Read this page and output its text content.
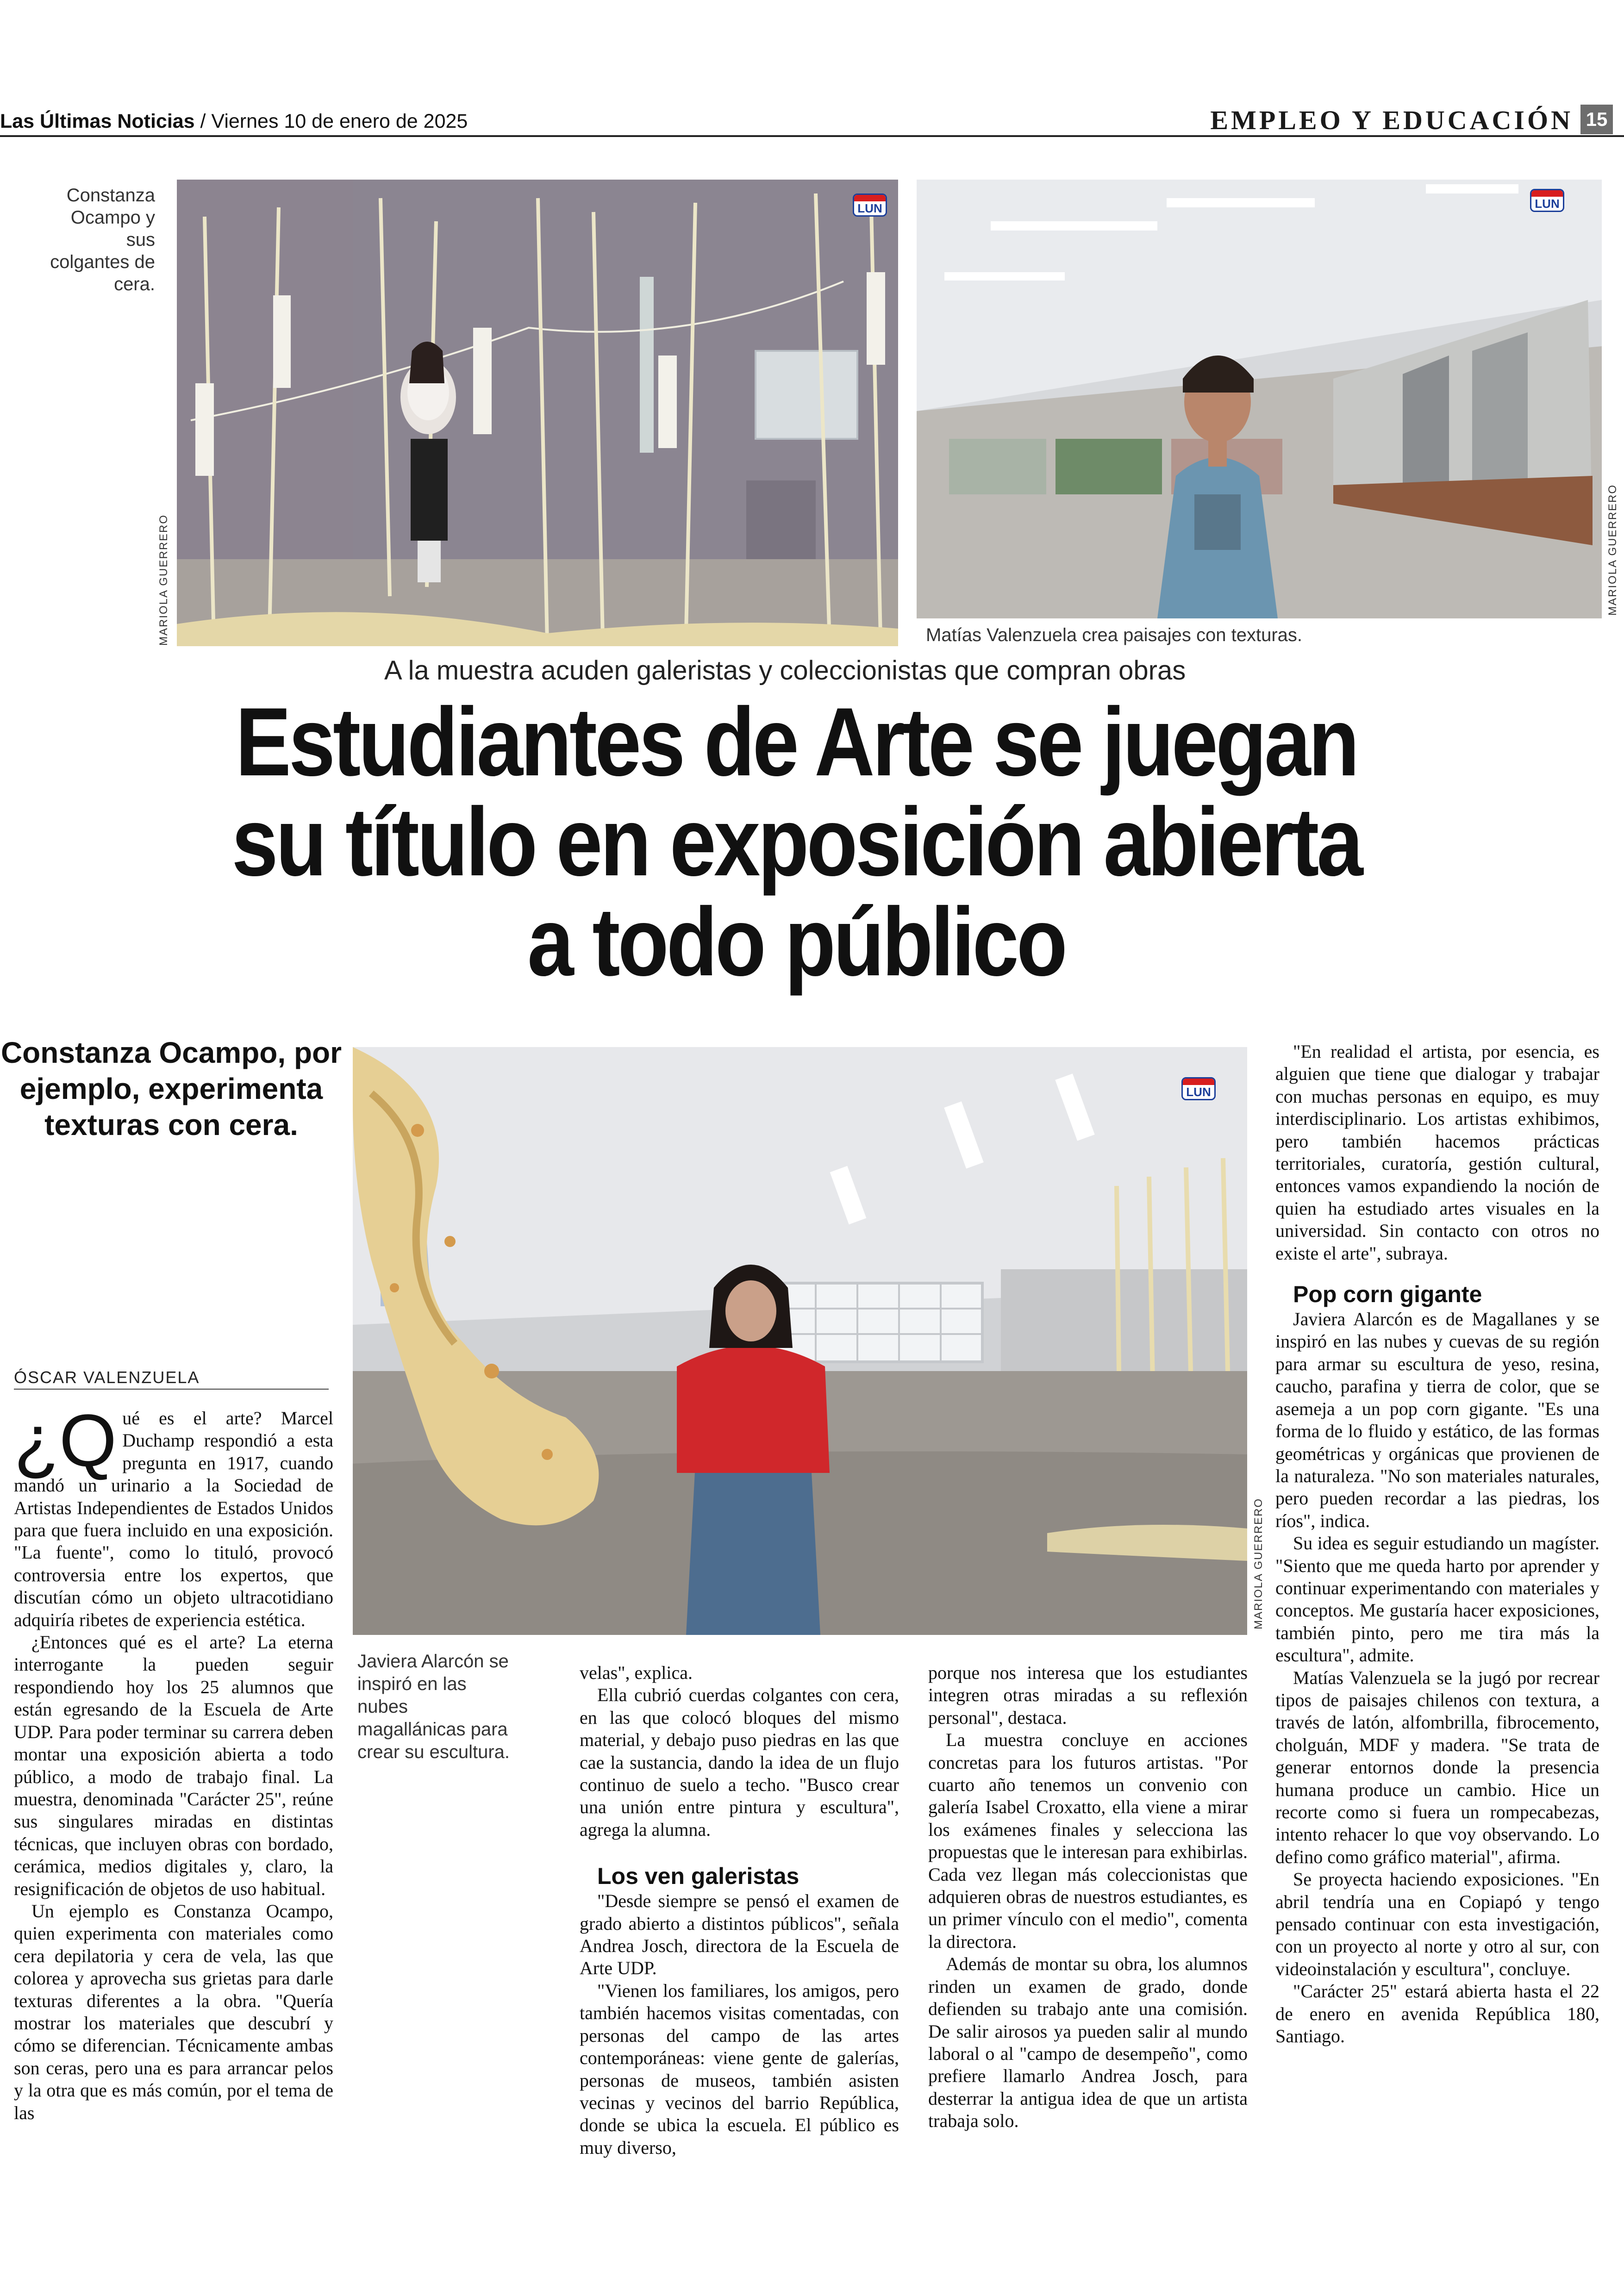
Las Últimas Noticias / Viernes 10 de enero de 2025	EMPLEO Y EDUCACIÓN 15
Constanza Ocampo y sus colgantes de cera.
LUN
MARIOLA GUERRERO
LUN
MARIOLA GUERRERO
Matías Valenzuela crea paisajes con texturas.
A la muestra acuden galeristas y coleccionistas que compran obras
Estudiantes de Arte se juegan su título en exposición abierta a todo público
Constanza Ocampo, por ejemplo, experimenta texturas con cera.
LUN
MARIOLA GUERRERO
Javiera Alarcón se inspiró en las nubes magallánicas para crear su escultura.
ÓSCAR VALENZUELA

¿Q ué es el arte? Marcel Duchamp respondió a esta pregunta en 1917, cuando mandó un urinario a la Sociedad de Artistas Independientes de Estados Unidos para que fuera incluido en una exposición. "La fuente", como lo tituló, provocó controversia entre los expertos, que discutían cómo un objeto ultracotidiano adquiría ribetes de experiencia estética.

¿Entonces qué es el arte? La eterna interrogante la pueden seguir respondiendo hoy los 25 alumnos que están egresando de la Escuela de Arte UDP. Para poder terminar su carrera deben montar una exposición abierta a todo público, a modo de trabajo final. La muestra, denominada "Carácter 25", reúne sus singulares miradas en distintas técnicas, que incluyen obras con bordado, cerámica, medios digitales y, claro, la resignificación de objetos de uso habitual.

Un ejemplo es Constanza Ocampo, quien experimenta con materiales como cera depilatoria y cera de vela, las que colorea y aprovecha sus grietas para darle texturas diferentes a la obra. "Quería mostrar los materiales que descubrí y cómo se diferencian. Técnicamente ambas son ceras, pero una es para arrancar pelos y la otra que es más común, por el tema de las

velas", explica.

Ella cubrió cuerdas colgantes con cera, en las que colocó bloques del mismo material, y debajo puso piedras en las que cae la sustancia, dando la idea de un flujo continuo de suelo a techo. "Busco crear una unión entre pintura y escultura", agrega la alumna.

Los ven galeristas

"Desde siempre se pensó el examen de grado abierto a distintos públicos", señala Andrea Josch, directora de la Escuela de Arte UDP.

"Vienen los familiares, los amigos, pero también hacemos visitas comentadas, con personas del campo de las artes contemporáneas: viene gente de galerías, personas de museos, también asisten vecinas y vecinos del barrio República, donde se ubica la escuela. El público es muy diverso,

porque nos interesa que los estudiantes integren otras miradas a su reflexión personal", destaca.

La muestra concluye en acciones concretas para los futuros artistas. "Por cuarto año tenemos un convenio con galería Isabel Croxatto, ella viene a mirar los exámenes finales y selecciona las propuestas que le interesan para exhibirlas. Cada vez llegan más coleccionistas que adquieren obras de nuestros estudiantes, es un primer vínculo con el medio", comenta la directora.

Además de montar su obra, los alumnos rinden un examen de grado, donde defienden su trabajo ante una comisión. De salir airosos ya pueden salir al mundo laboral o al "campo de desempeño", como prefiere llamarlo Andrea Josch, para desterrar la antigua idea de que un artista trabaja solo.

"En realidad el artista, por esencia, es alguien que tiene que dialogar y trabajar con muchas personas en equipo, es muy interdisciplinario. Los artistas exhibimos, pero también hacemos prácticas territoriales, curatoría, gestión cultural, entonces vamos expandiendo la noción de quien ha estudiado artes visuales en la universidad. Sin contacto con otros no existe el arte", subraya.

Pop corn gigante

Javiera Alarcón es de Magallanes y se inspiró en las nubes y cuevas de su región para armar su escultura de yeso, resina, caucho, parafina y tierra de color, que se asemeja a un pop corn gigante. "Es una forma de lo fluido y estático, de las formas geométricas y orgánicas que provienen de la naturaleza. "No son materiales naturales, pero pueden recordar a las piedras, los ríos", indica.

Su idea es seguir estudiando un magíster. "Siento que me queda harto por aprender y continuar experimentando con materiales y conceptos. Me gustaría hacer exposiciones, también pinto, pero me tira más la escultura", admite.

Matías Valenzuela se la jugó por recrear tipos de paisajes chilenos con textura, a través de latón, alfombrilla, fibrocemento, cholguán, MDF y madera. "Se trata de generar entornos donde la presencia humana produce un cambio. Hice un recorte como si fuera un rompecabezas, intento rehacer lo que voy observando. Lo defino como gráfico material", afirma.

Se proyecta haciendo exposiciones. "En abril tendría una en Copiapó y tengo pensado continuar con esta investigación, con un proyecto al norte y otro al sur, con videoinstalación y escultura", concluye.

"Carácter 25" estará abierta hasta el 22 de enero en avenida República 180, Santiago.
